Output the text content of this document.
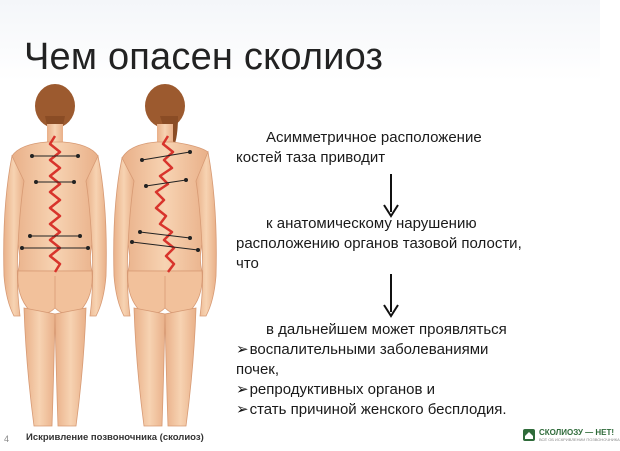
Чем опасен сколиоз
Искривление позвоночника (сколиоз)
Асимметричное расположение
костей таза приводит
к анатомическому нарушению
расположению органов тазовой полости,
что
в дальнейшем может проявляться
➢воспалительными заболеваниями
почек,
➢репродуктивных органов и
➢стать причиной женского бесплодия.
СКОЛИОЗУ — НЕТ!
ВСЁ ОБ ИСКРИВЛЕНИИ ПОЗВОНОЧНИКА
4
